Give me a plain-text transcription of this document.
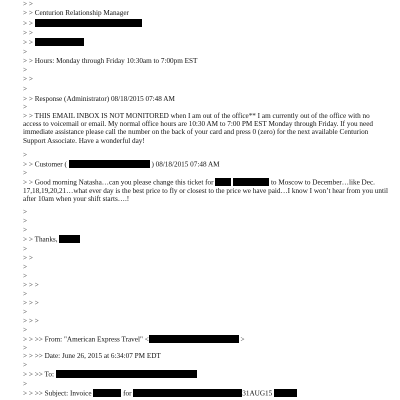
> >
> > Centurion Relationship Manager
> >
> >
> >
>
> > Hours: Monday through Friday 10:30am to 7:00pm EST
>
> >
>
> > Response (Administrator) 08/18/2015 07:48 AM
>
> > THIS EMAIL INBOX IS NOT MONITORED when I am out of the office** I am currently out of the office with no access to voicemail or email. My normal office hours are 10:30 AM to 7:00 PM EST Monday through Friday. If you need immediate assistance please call the number on the back of your card and press 0 (zero) for the next available Centurion Support Associate. Have a wonderful day!
>
> > Customer (	) 08/18/2015 07:48 AM
>
> > Good morning Natasha…can you please change this ticket for	to Moscow to December…like Dec. 17,18,19,20,21…what ever day is the best price to fly or closest to the price we have paid…I know I won’t hear from you until after 10am when your shift starts….!
>
>
>
> > Thanks,
>
> >
>
>
> > >
>
> > >
>
> > >
>
> > >> From: "American Express Travel" <	>
>
> > >> Date: June 26, 2015 at 6:34:07 PM EDT
>
> > >> To:
>
> > >> Subject: Invoice	for	31AUG15
